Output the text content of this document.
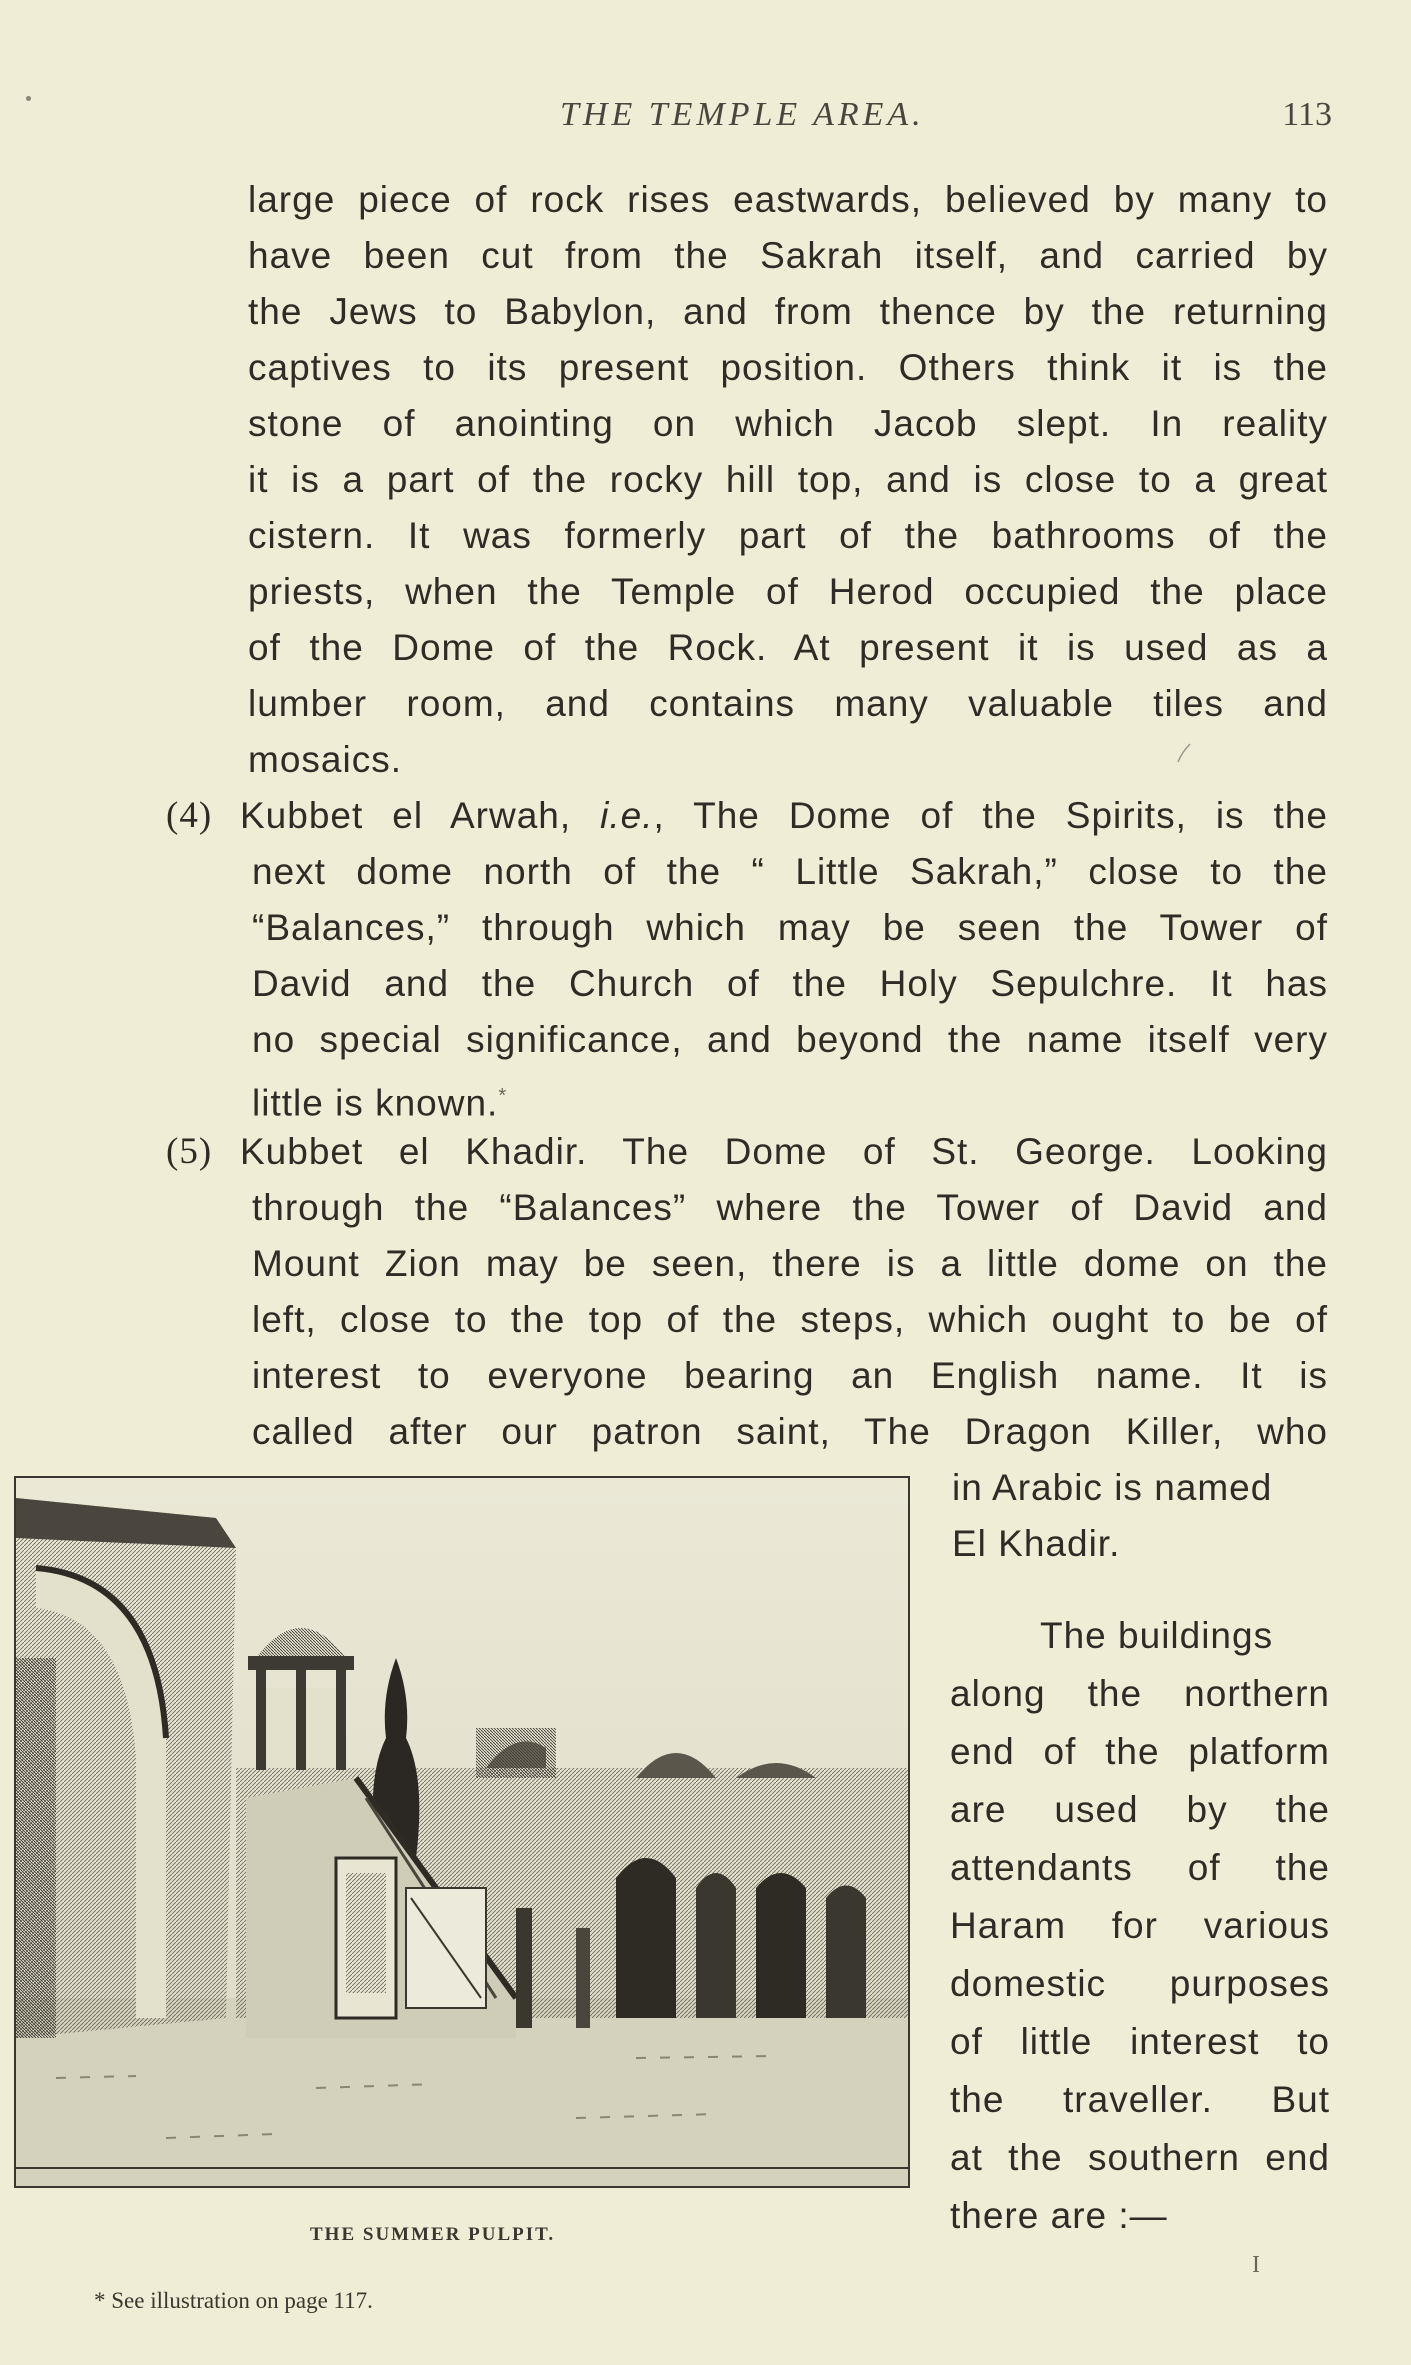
THE TEMPLE AREA.	113
large piece of rock rises eastwards, believed by many to
have been cut from the Sakrah itself, and carried by
the Jews to Babylon, and from thence by the returning
captives to its present position. Others think it is the
stone of anointing on which Jacob slept. In reality
it is a part of the rocky hill top, and is close to a great
cistern. It was formerly part of the bathrooms of the
priests, when the Temple of Herod occupied the place
of the Dome of the Rock. At present it is used as a
lumber room, and contains many valuable tiles and
mosaics.
(4) Kubbet el Arwah, i.e., The Dome of the Spirits, is the
next dome north of the “ Little Sakrah,” close to the
“Balances,” through which may be seen the Tower of
David and the Church of the Holy Sepulchre. It has
no special significance, and beyond the name itself very
little is known.*
(5) Kubbet el Khadir. The Dome of St. George. Looking
through the “Balances” where the Tower of David and
Mount Zion may be seen, there is a little dome on the
left, close to the top of the steps, which ought to be of
interest to everyone bearing an English name. It is
called after our patron saint, The Dragon Killer, who
in Arabic is named
El Khadir.
The buildings
along the northern
end of the platform
are used by the
attendants of the
Haram for various
domestic purposes
of little interest to
the traveller. But
at the southern end
there are :—
THE SUMMER PULPIT.
I
* See illustration on page 117.
